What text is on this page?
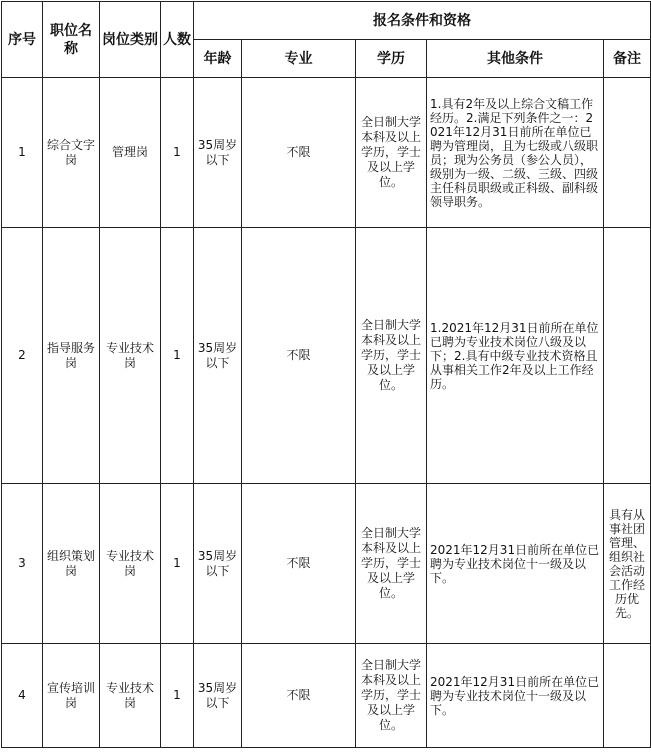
序号	职位名称	岗位类别	人数	报名条件和资格				
				年龄	专业	学历	其他条件	备注
1	综合文字岗	管理岗	1	35周岁以下	不限	全日制大学本科及以上学历，学士及以上学位。	1.具有2年及以上综合文稿工作经历。2.满足下列条件之一：2021年12月31日前所在单位已聘为管理岗，且为七级或八级职员；现为公务员（参公人员），级别为一级、二级、三级、四级主任科员职级或正科级、副科级领导职务。	
2	指导服务岗	专业技术岗	1	35周岁以下	不限	全日制大学本科及以上学历，学士及以上学位。	1.2021年12月31日前所在单位已聘为专业技术岗位八级及以下；2.具有中级专业技术资格且从事相关工作2年及以上工作经历。	
3	组织策划岗	专业技术岗	1	35周岁以下	不限	全日制大学本科及以上学历，学士及以上学位。	2021年12月31日前所在单位已聘为专业技术岗位十一级及以下。	具有从事社团管理、组织社会活动工作经历优先。
4	宣传培训岗	专业技术岗	1	35周岁以下	不限	全日制大学本科及以上学历，学士及以上学位。	2021年12月31日前所在单位已聘为专业技术岗位十一级及以下。	
